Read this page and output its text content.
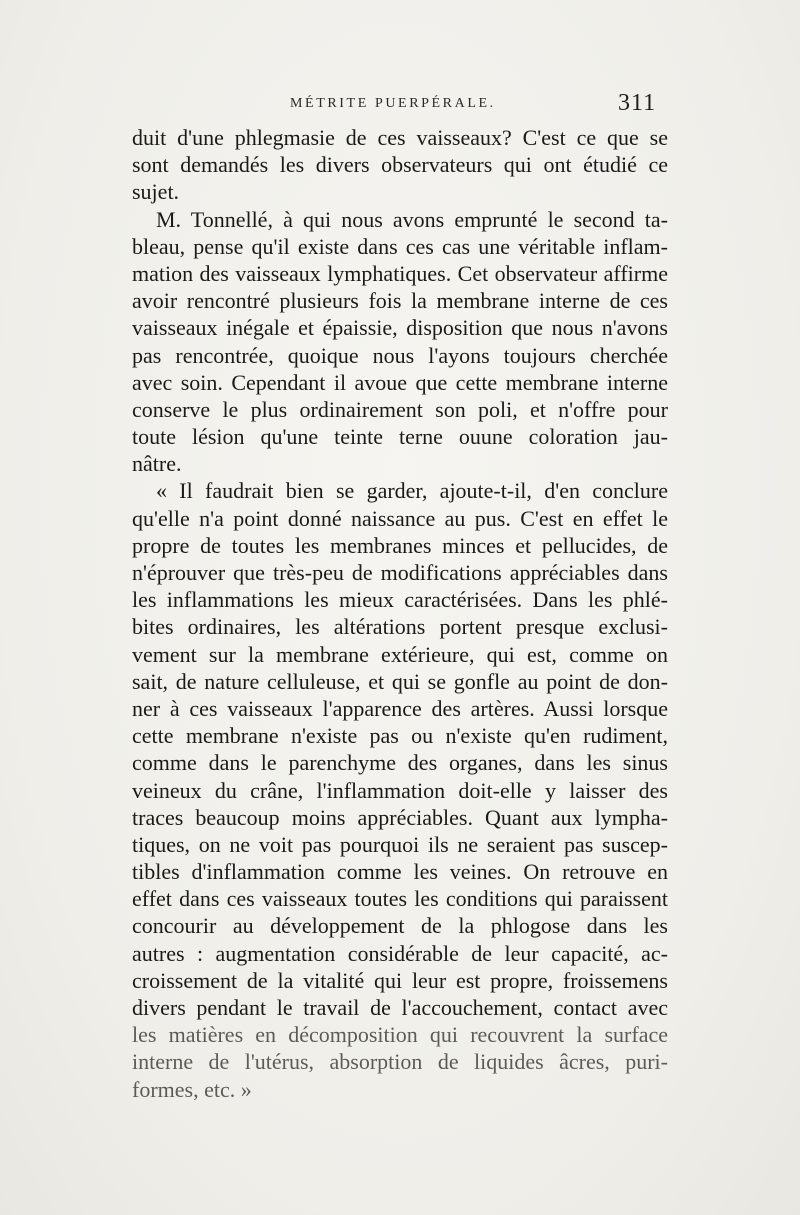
MÉTRITE PUERPÉRALE.	311
duit d'une phlegmasie de ces vaisseaux? C'est ce que se
sont demandés les divers observateurs qui ont étudié ce
sujet.
M. Tonnellé, à qui nous avons emprunté le second ta-
bleau, pense qu'il existe dans ces cas une véritable inflam-
mation des vaisseaux lymphatiques. Cet observateur affirme
avoir rencontré plusieurs fois la membrane interne de ces
vaisseaux inégale et épaissie, disposition que nous n'avons
pas rencontrée, quoique nous l'ayons toujours cherchée
avec soin. Cependant il avoue que cette membrane interne
conserve le plus ordinairement son poli, et n'offre pour
toute lésion qu'une teinte terne ouune coloration jau-
nâtre.
« Il faudrait bien se garder, ajoute-t-il, d'en conclure
qu'elle n'a point donné naissance au pus. C'est en effet le
propre de toutes les membranes minces et pellucides, de
n'éprouver que très-peu de modifications appréciables dans
les inflammations les mieux caractérisées. Dans les phlé-
bites ordinaires, les altérations portent presque exclusi-
vement sur la membrane extérieure, qui est, comme on
sait, de nature celluleuse, et qui se gonfle au point de don-
ner à ces vaisseaux l'apparence des artères. Aussi lorsque
cette membrane n'existe pas ou n'existe qu'en rudiment,
comme dans le parenchyme des organes, dans les sinus
veineux du crâne, l'inflammation doit-elle y laisser des
traces beaucoup moins appréciables. Quant aux lympha-
tiques, on ne voit pas pourquoi ils ne seraient pas suscep-
tibles d'inflammation comme les veines. On retrouve en
effet dans ces vaisseaux toutes les conditions qui paraissent
concourir au développement de la phlogose dans les
autres : augmentation considérable de leur capacité, ac-
croissement de la vitalité qui leur est propre, froissemens
divers pendant le travail de l'accouchement, contact avec
les matières en décomposition qui recouvrent la surface
interne de l'utérus, absorption de liquides âcres, puri-
formes, etc. »
